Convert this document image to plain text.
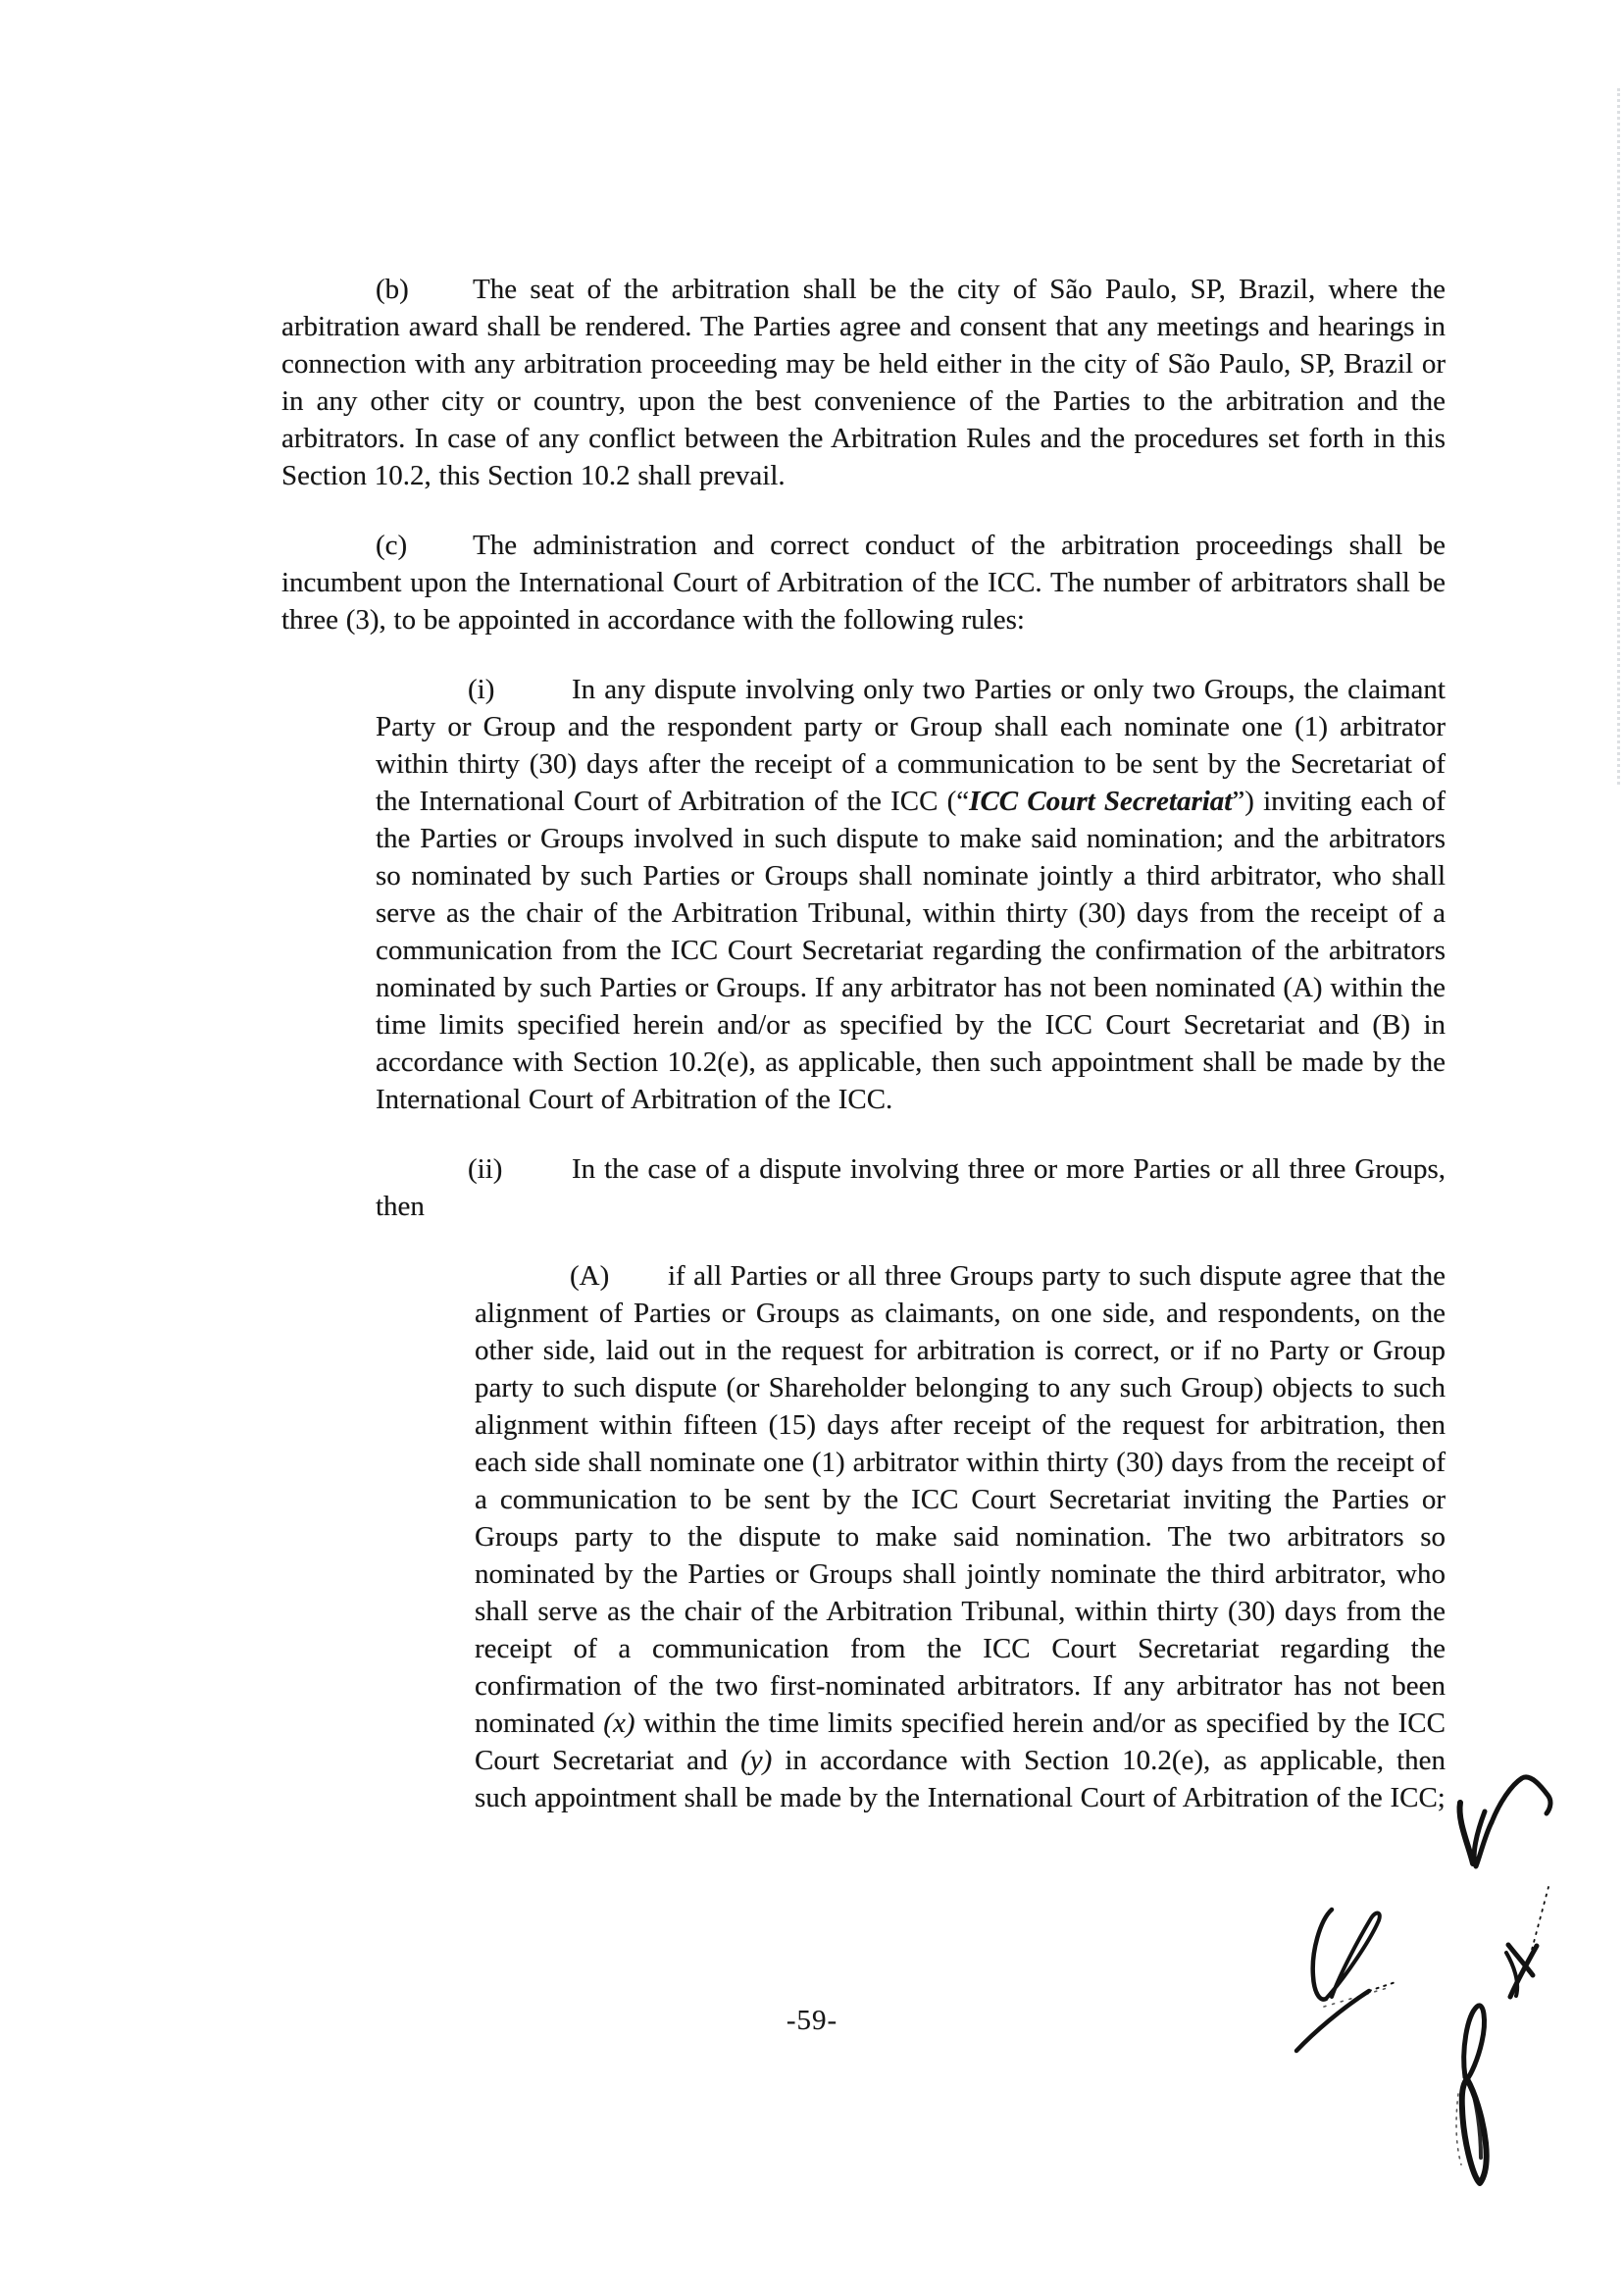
(b) The seat of the arbitration shall be the city of São Paulo, SP, Brazil, where the arbitration award shall be rendered. The Parties agree and consent that any meetings and hearings in connection with any arbitration proceeding may be held either in the city of São Paulo, SP, Brazil or in any other city or country, upon the best convenience of the Parties to the arbitration and the arbitrators. In case of any conflict between the Arbitration Rules and the procedures set forth in this Section 10.2, this Section 10.2 shall prevail.
(c) The administration and correct conduct of the arbitration proceedings shall be incumbent upon the International Court of Arbitration of the ICC. The number of arbitrators shall be three (3), to be appointed in accordance with the following rules:
(i)	In any dispute involving only two Parties or only two Groups, the claimant Party or Group and the respondent party or Group shall each nominate one (1) arbitrator within thirty (30) days after the receipt of a communication to be sent by the Secretariat of the International Court of Arbitration of the ICC (“ICC Court Secretariat”) inviting each of the Parties or Groups involved in such dispute to make said nomination; and the arbitrators so nominated by such Parties or Groups shall nominate jointly a third arbitrator, who shall serve as the chair of the Arbitration Tribunal, within thirty (30) days from the receipt of a communication from the ICC Court Secretariat regarding the confirmation of the arbitrators nominated by such Parties or Groups. If any arbitrator has not been nominated (A) within the time limits specified herein and/or as specified by the ICC Court Secretariat and (B) in accordance with Section 10.2(e), as applicable, then such appointment shall be made by the International Court of Arbitration of the ICC.
(ii) In the case of a dispute involving three or more Parties or all three Groups, then
(A) if all Parties or all three Groups party to such dispute agree that the alignment of Parties or Groups as claimants, on one side, and respondents, on the other side, laid out in the request for arbitration is correct, or if no Party or Group party to such dispute (or Shareholder belonging to any such Group) objects to such alignment within fifteen (15) days after receipt of the request for arbitration, then each side shall nominate one (1) arbitrator within thirty (30) days from the receipt of a communication to be sent by the ICC Court Secretariat inviting the Parties or Groups party to the dispute to make said nomination. The two arbitrators so nominated by the Parties or Groups shall jointly nominate the third arbitrator, who shall serve as the chair of the Arbitration Tribunal, within thirty (30) days from the receipt of a communication from the ICC Court Secretariat regarding the confirmation of the two first-nominated arbitrators. If any arbitrator has not been nominated (x) within the time limits specified herein and/or as specified by the ICC Court Secretariat and (y) in accordance with Section 10.2(e), as applicable, then such appointment shall be made by the International Court of Arbitration of the ICC;
-59-
